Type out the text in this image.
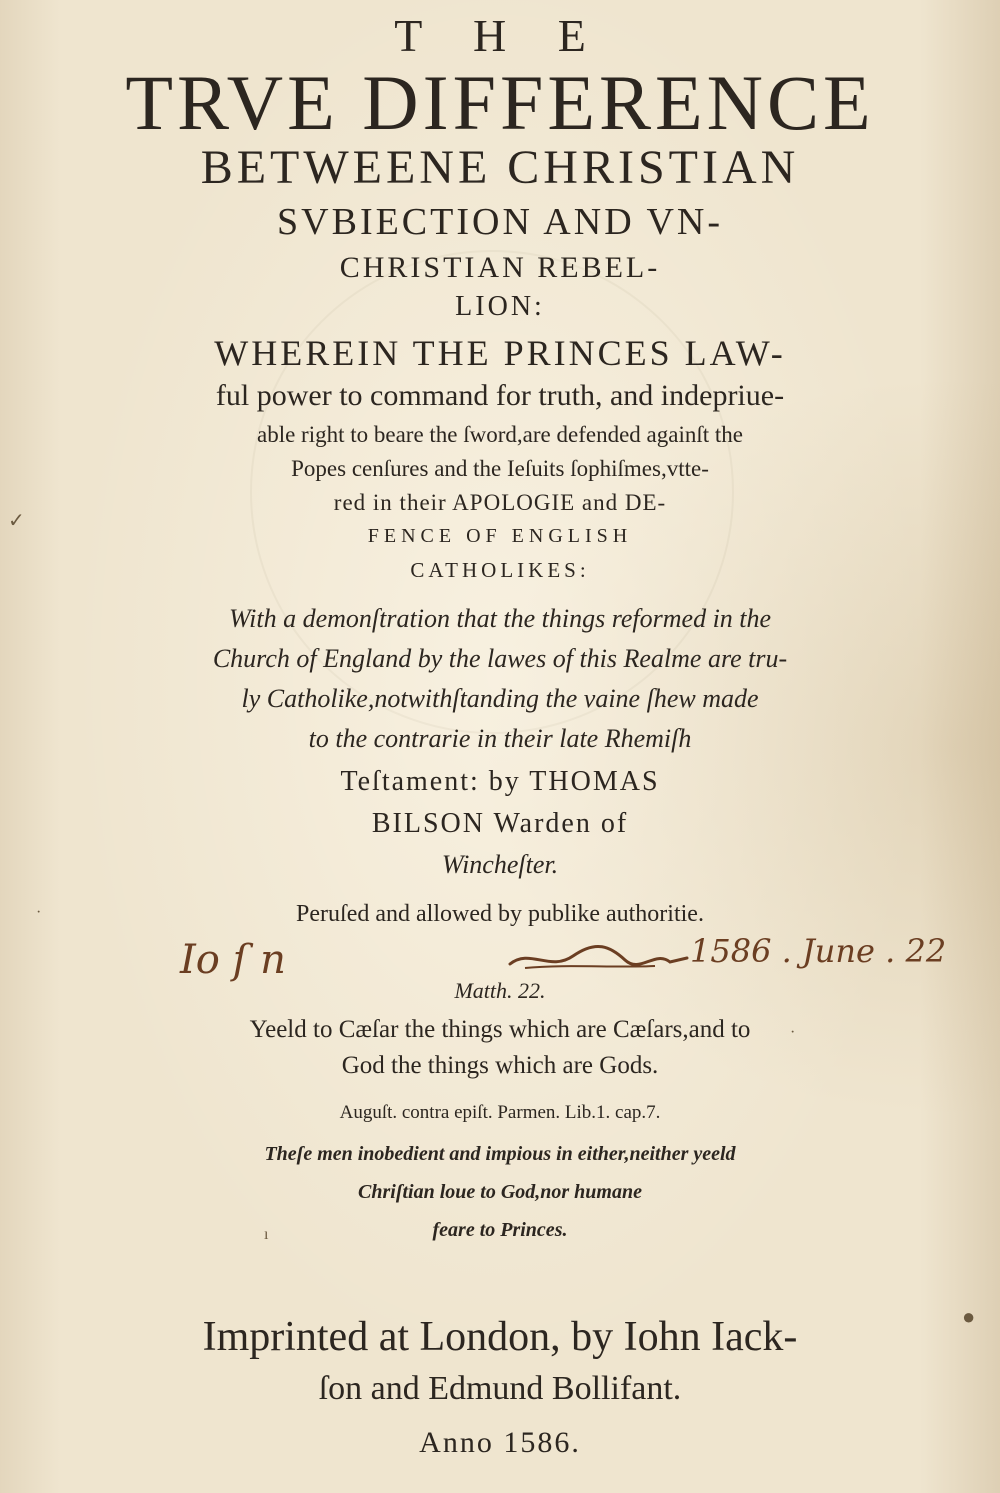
T H E

TRVE DIFFERENCE

BETWEENE CHRISTIAN

SVBIECTION AND VN-

CHRISTIAN REBEL-

LION:

WHEREIN THE PRINCES LAW-

ful power to command for truth, and indepriue-

able right to beare the ſword,are defended againſt the

Popes cenſures and the Ieſuits ſophiſmes,vtte-

red in their APOLOGIE and DE-

FENCE OF ENGLISH

CATHOLIKES:

With a demonſtration that the things reformed in the

Church of England by the lawes of this Realme are tru-

ly Catholike,notwithſtanding the vaine ſhew made

to the contrarie in their late Rhemiſh

Teſtament: by THOMAS

BILSON Warden of

Wincheſter.

Peruſed and allowed by publike authoritie.

Io ſ n	1586 . June . 22

Matth. 22.

Yeeld to Cæſar the things which are Cæſars,and to

God the things which are Gods.

Auguſt. contra epiſt. Parmen. Lib.1. cap.7.

Theſe men inobedient and impious in either,neither yeeld

Chriſtian loue to God,nor humane

feare to Princes.

Imprinted at London, by Iohn Iack-

ſon and Edmund Bollifant.

Anno 1586.

✓
●
ı
·
·
